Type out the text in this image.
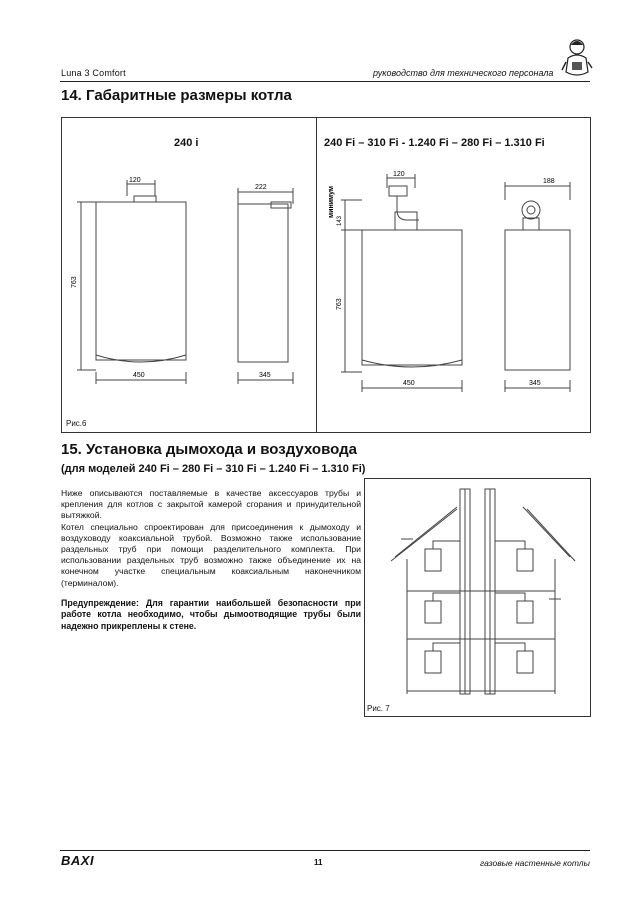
Luna 3 Comfort	руководство для технического персонала
14. Габаритные размеры котла
240 i	240 Fi – 310 Fi - 1.240 Fi – 280 Fi – 1.310 Fi
120
763
450
222
345
120
минимум
143
763
450
188
345
Рис.6
15. Установка дымохода и воздуховода
(для моделей 240 Fi – 280 Fi – 310 Fi – 1.240 Fi – 1.310 Fi)

Ниже описываются поставляемые в качестве аксессуаров трубы и крепления для котлов с закрытой камерой сгорания и принудительной вытяжкой.

Котел специально спроектирован для присоединения к дымоходу и воздуховоду коаксиальной трубой. Возможно также использование раздельных труб при помощи разделительного комплекта. При использовании раздельных труб возможно также объединение их на конечном участке специальным коаксиальным наконечником (терминалом).

Предупреждение: Для гарантии наибольшей безопасности при работе котла необходимо, чтобы дымоотводящие трубы были надежно прикреплены к стене.

Рис. 7
BAXI	11	газовые настенные котлы
